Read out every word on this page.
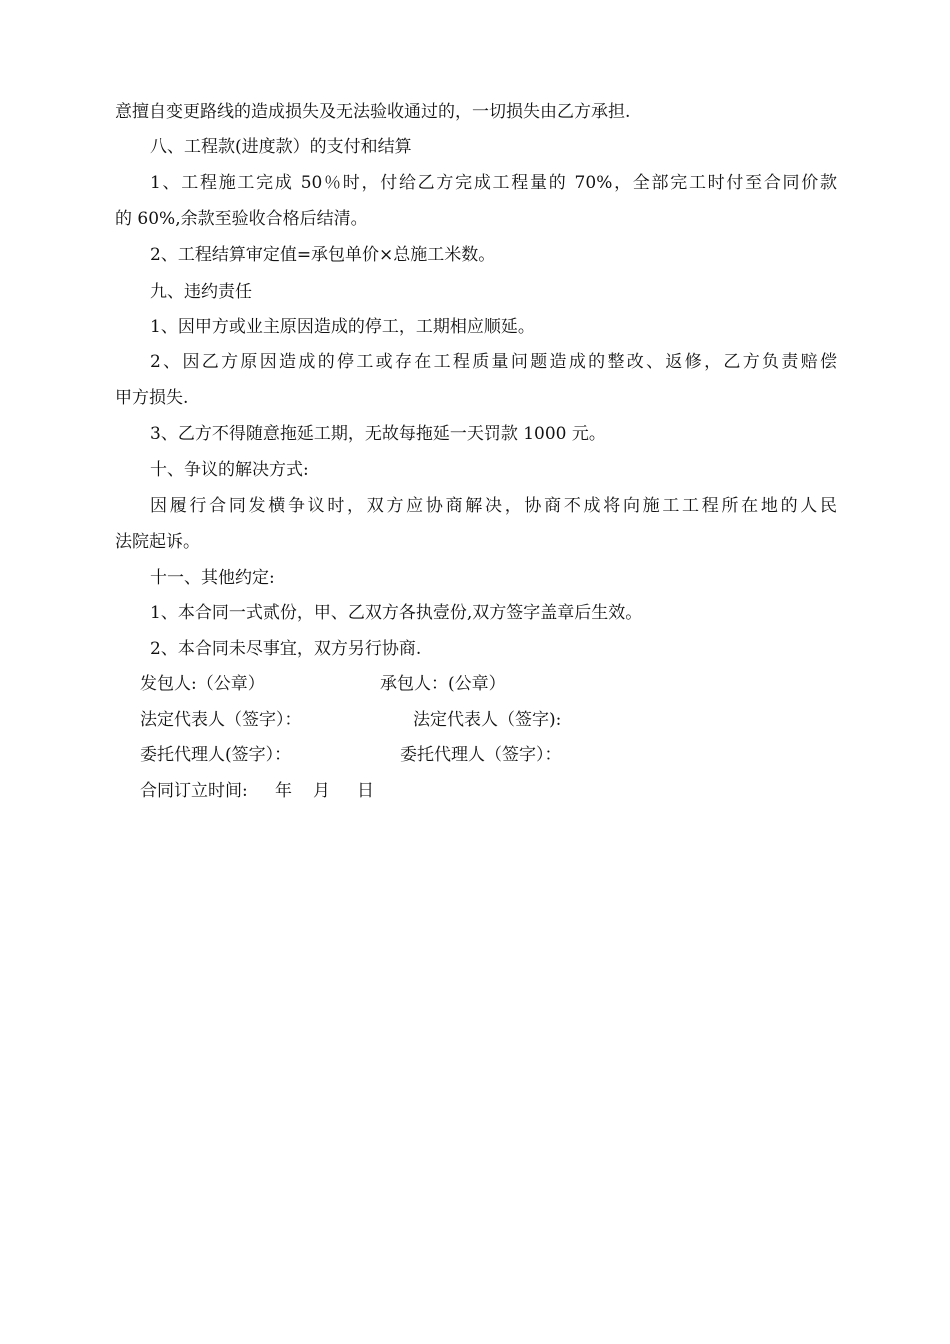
意擅自变更路线的造成损失及无法验收通过的，一切损失由乙方承担.
八、工程款(进度款）的支付和结算
1、工程施工完成 50％时，付给乙方完成工程量的 70%，全部完工时付至合同价款
的 60%,余款至验收合格后结清。
2、工程结算审定值=承包单价×总施工米数。
九、违约责任
1、因甲方或业主原因造成的停工，工期相应顺延。
2、因乙方原因造成的停工或存在工程质量问题造成的整改、返修，乙方负责赔偿
甲方损失.
3、乙方不得随意拖延工期，无故每拖延一天罚款 1000 元。
十、争议的解决方式:
因履行合同发横争议时，双方应协商解决，协商不成将向施工工程所在地的人民
法院起诉。
十一、其他约定:
1、本合同一式贰份，甲、乙双方各执壹份,双方签字盖章后生效。
2、本合同未尽事宜，双方另行协商.
发包人:（公章）	承包人：(公章）
法定代表人（签字）：	法定代表人（签字):
委托代理人(签字）：	委托代理人（签字）：
合同订立时间: 年 月 日
